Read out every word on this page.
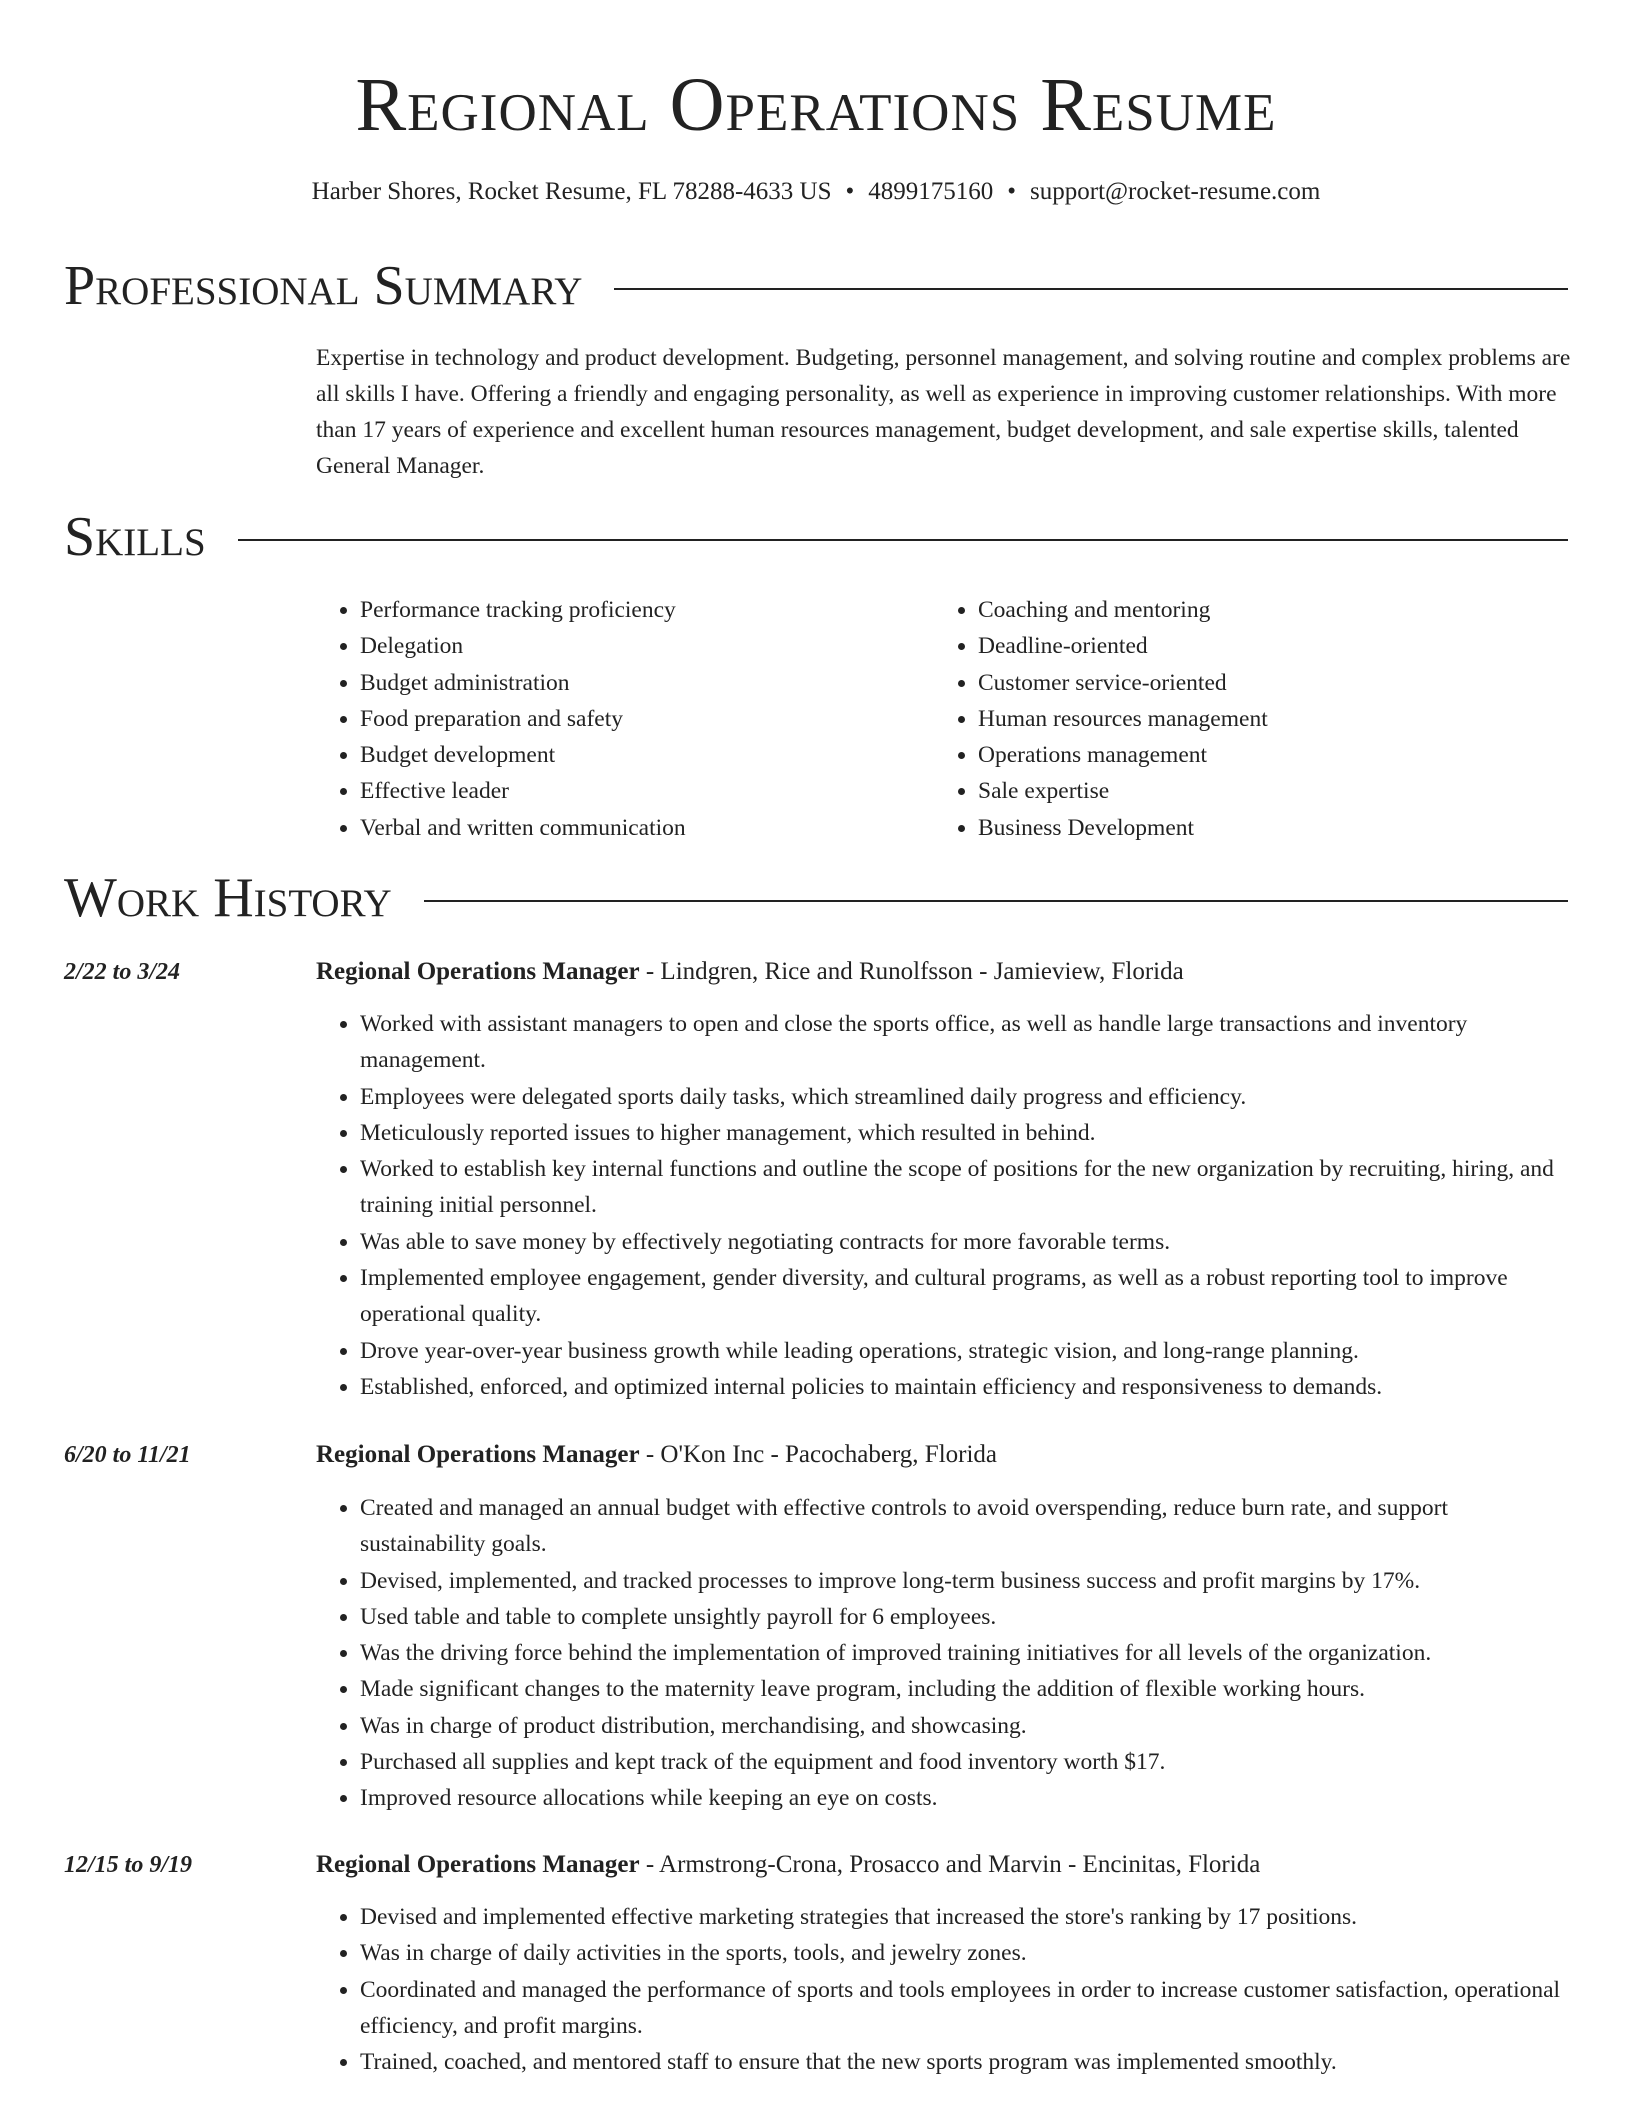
Regional Operations Resume
Harber Shores, Rocket Resume, FL 78288-4633 US • 4899175160 • support@rocket-resume.com
Professional Summary

Expertise in technology and product development. Budgeting, personnel management, and solving routine and complex problems are all skills I have. Offering a friendly and engaging personality, as well as experience in improving customer relationships. With more than 17 years of experience and excellent human resources management, budget development, and sale expertise skills, talented General Manager.

Skills
• Performance tracking proficiency
• Delegation
• Budget administration
• Food preparation and safety
• Budget development
• Effective leader
• Verbal and written communication
• Coaching and mentoring
• Deadline-oriented
• Customer service-oriented
• Human resources management
• Operations management
• Sale expertise
• Business Development
Work History
2/22 to 3/24	Regional Operations Manager - Lindgren, Rice and Runolfsson - Jamieview, Florida
• Worked with assistant managers to open and close the sports office, as well as handle large transactions and inventory management.
• Employees were delegated sports daily tasks, which streamlined daily progress and efficiency.
• Meticulously reported issues to higher management, which resulted in behind.
• Worked to establish key internal functions and outline the scope of positions for the new organization by recruiting, hiring, and training initial personnel.
• Was able to save money by effectively negotiating contracts for more favorable terms.
• Implemented employee engagement, gender diversity, and cultural programs, as well as a robust reporting tool to improve operational quality.
• Drove year-over-year business growth while leading operations, strategic vision, and long-range planning.
• Established, enforced, and optimized internal policies to maintain efficiency and responsiveness to demands.
6/20 to 11/21	Regional Operations Manager - O'Kon Inc - Pacochaberg, Florida
• Created and managed an annual budget with effective controls to avoid overspending, reduce burn rate, and support sustainability goals.
• Devised, implemented, and tracked processes to improve long-term business success and profit margins by 17%.
• Used table and table to complete unsightly payroll for 6 employees.
• Was the driving force behind the implementation of improved training initiatives for all levels of the organization.
• Made significant changes to the maternity leave program, including the addition of flexible working hours.
• Was in charge of product distribution, merchandising, and showcasing.
• Purchased all supplies and kept track of the equipment and food inventory worth $17.
• Improved resource allocations while keeping an eye on costs.
12/15 to 9/19	Regional Operations Manager - Armstrong-Crona, Prosacco and Marvin - Encinitas, Florida
• Devised and implemented effective marketing strategies that increased the store's ranking by 17 positions.
• Was in charge of daily activities in the sports, tools, and jewelry zones.
• Coordinated and managed the performance of sports and tools employees in order to increase customer satisfaction, operational efficiency, and profit margins.
• Trained, coached, and mentored staff to ensure that the new sports program was implemented smoothly.
